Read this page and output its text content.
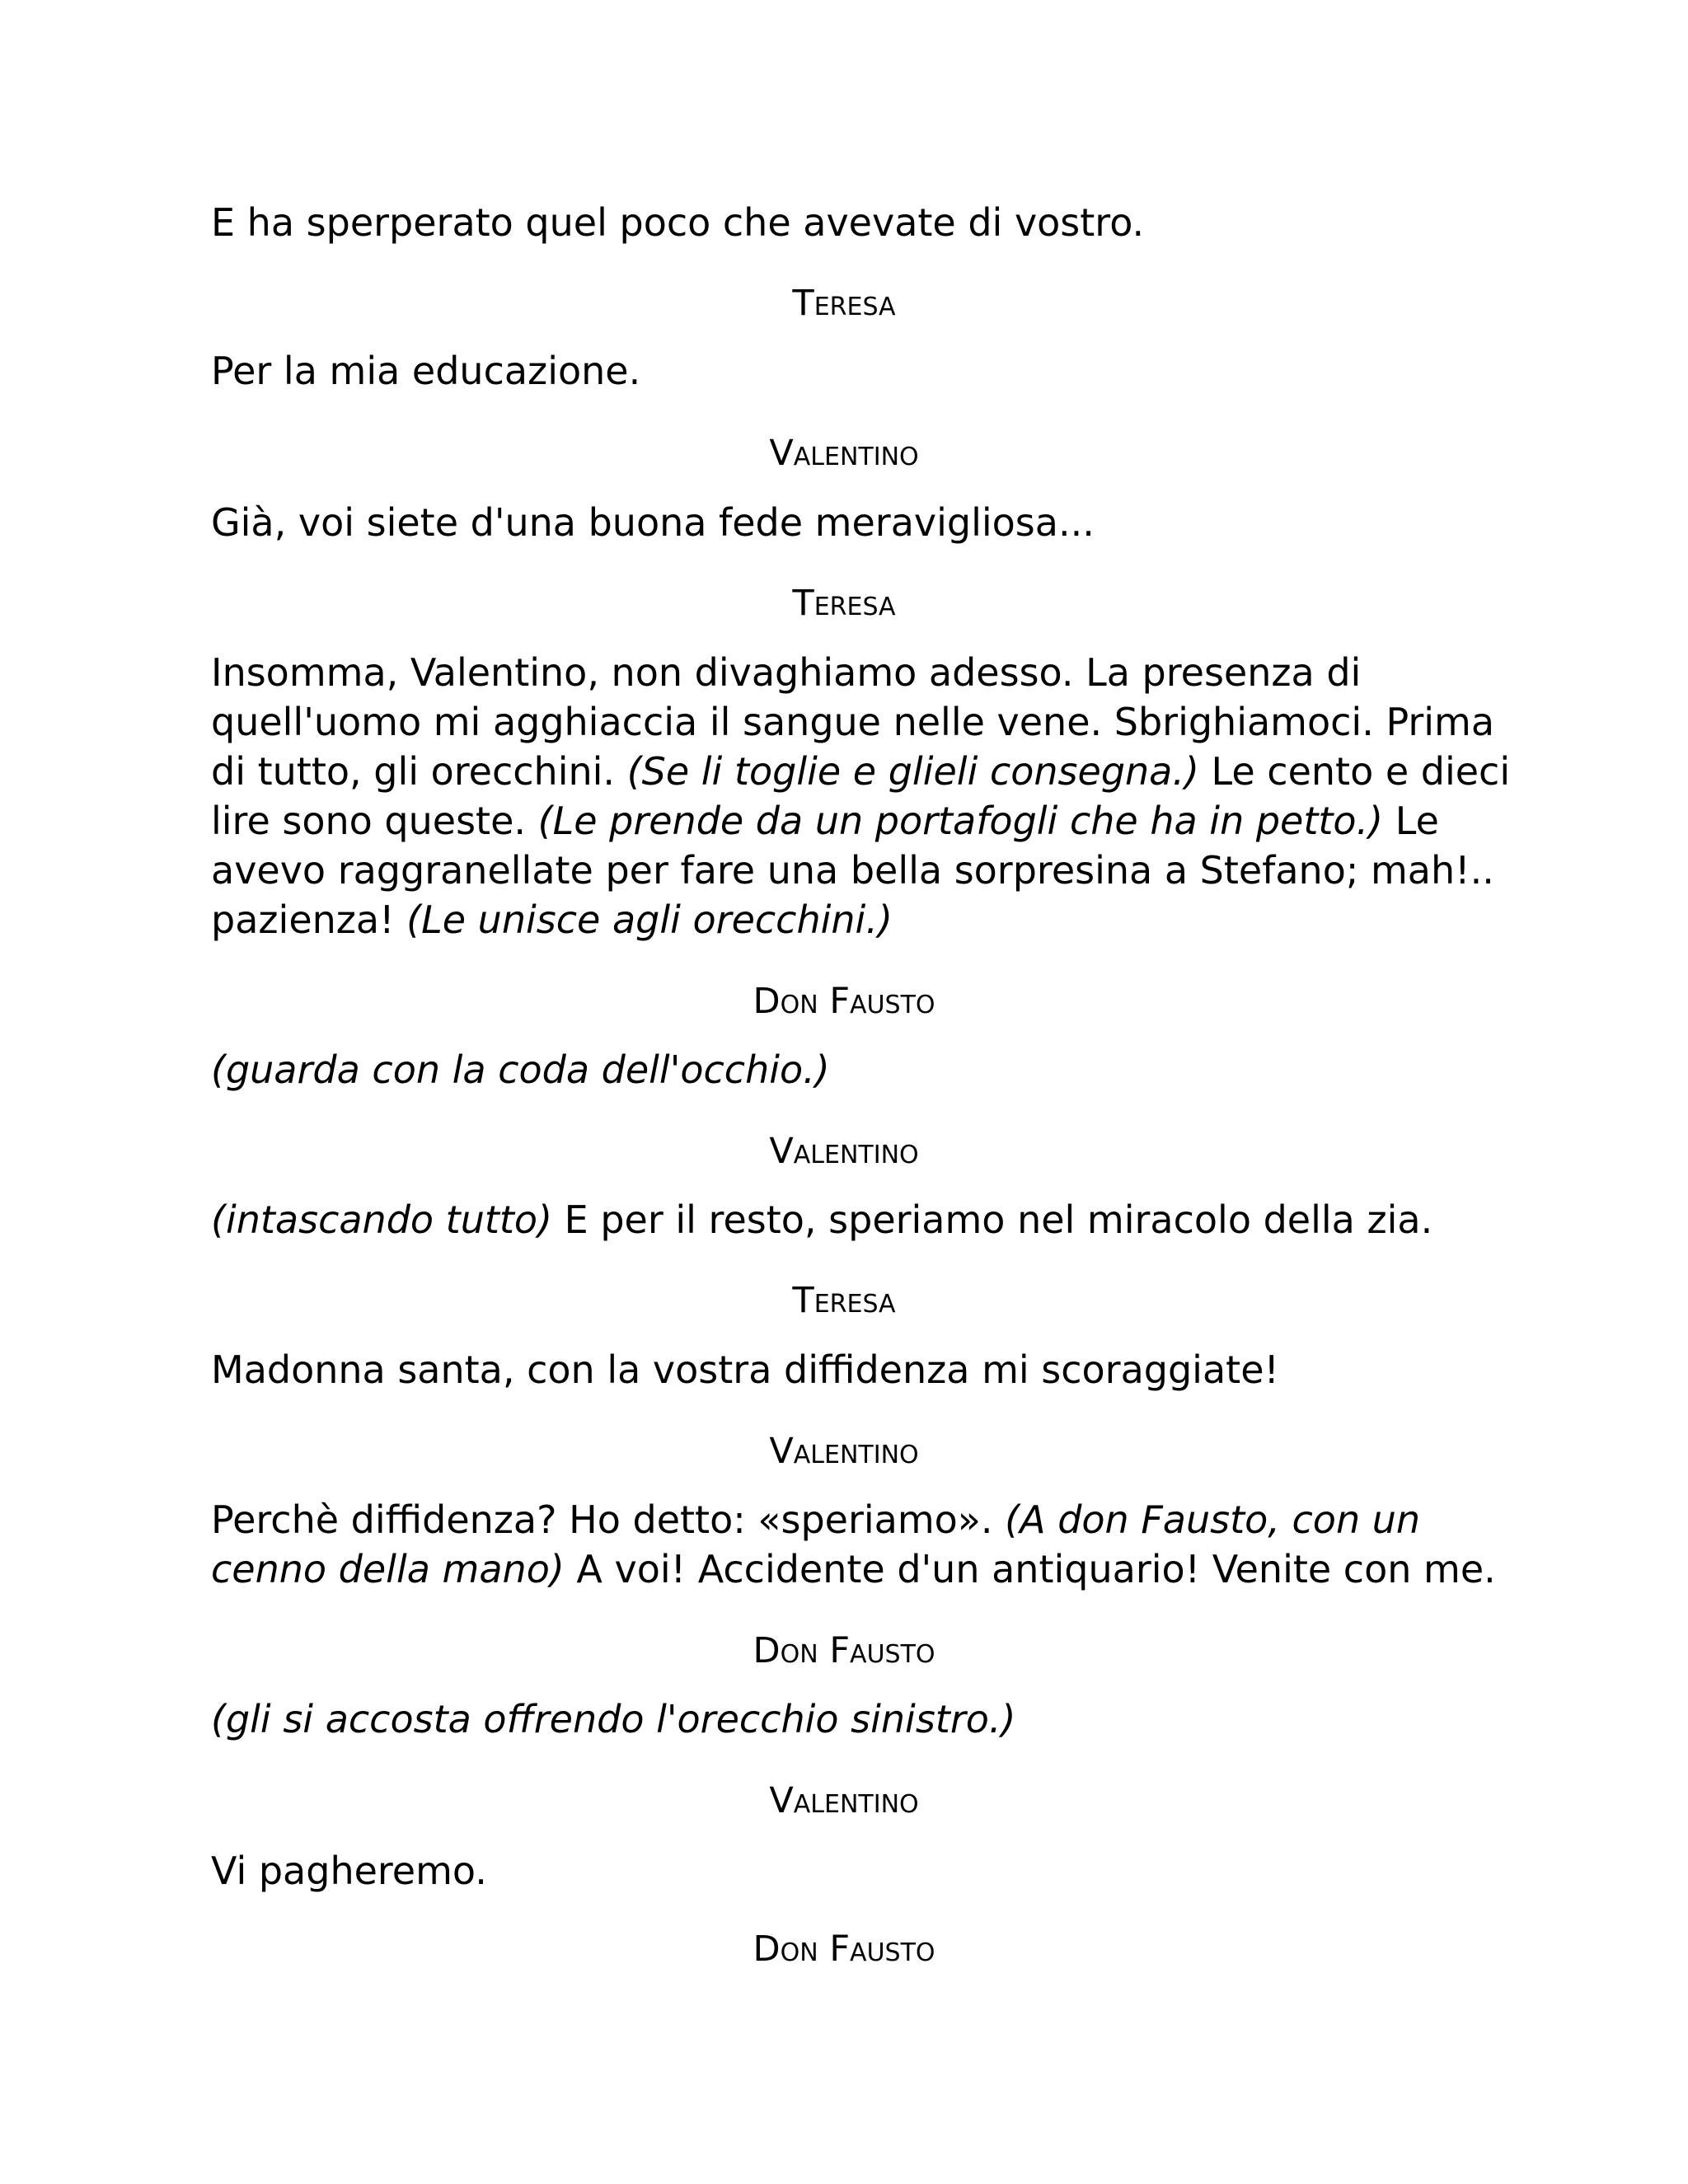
E ha sperperato quel poco che avevate di vostro.

Teresa

Per la mia educazione.

Valentino

Già, voi siete d'una buona fede meravigliosa...

Teresa

Insomma, Valentino, non divaghiamo adesso. La presenza di

quell'uomo mi agghiaccia il sangue nelle vene. Sbrighiamoci. Prima

di tutto, gli orecchini. (Se li toglie e glieli consegna.) Le cento e dieci

lire sono queste. (Le prende da un portafogli che ha in petto.) Le

avevo raggranellate per fare una bella sorpresina a Stefano; mah!..

pazienza! (Le unisce agli orecchini.)

Don Fausto

(guarda con la coda dell'occhio.)

Valentino

(intascando tutto) E per il resto, speriamo nel miracolo della zia.

Teresa

Madonna santa, con la vostra diffidenza mi scoraggiate!

Valentino

Perchè diffidenza? Ho detto: «speriamo». (A don Fausto, con un

cenno della mano) A voi! Accidente d'un antiquario! Venite con me.

Don Fausto

(gli si accosta offrendo l'orecchio sinistro.)

Valentino

Vi pagheremo.

Don Fausto
